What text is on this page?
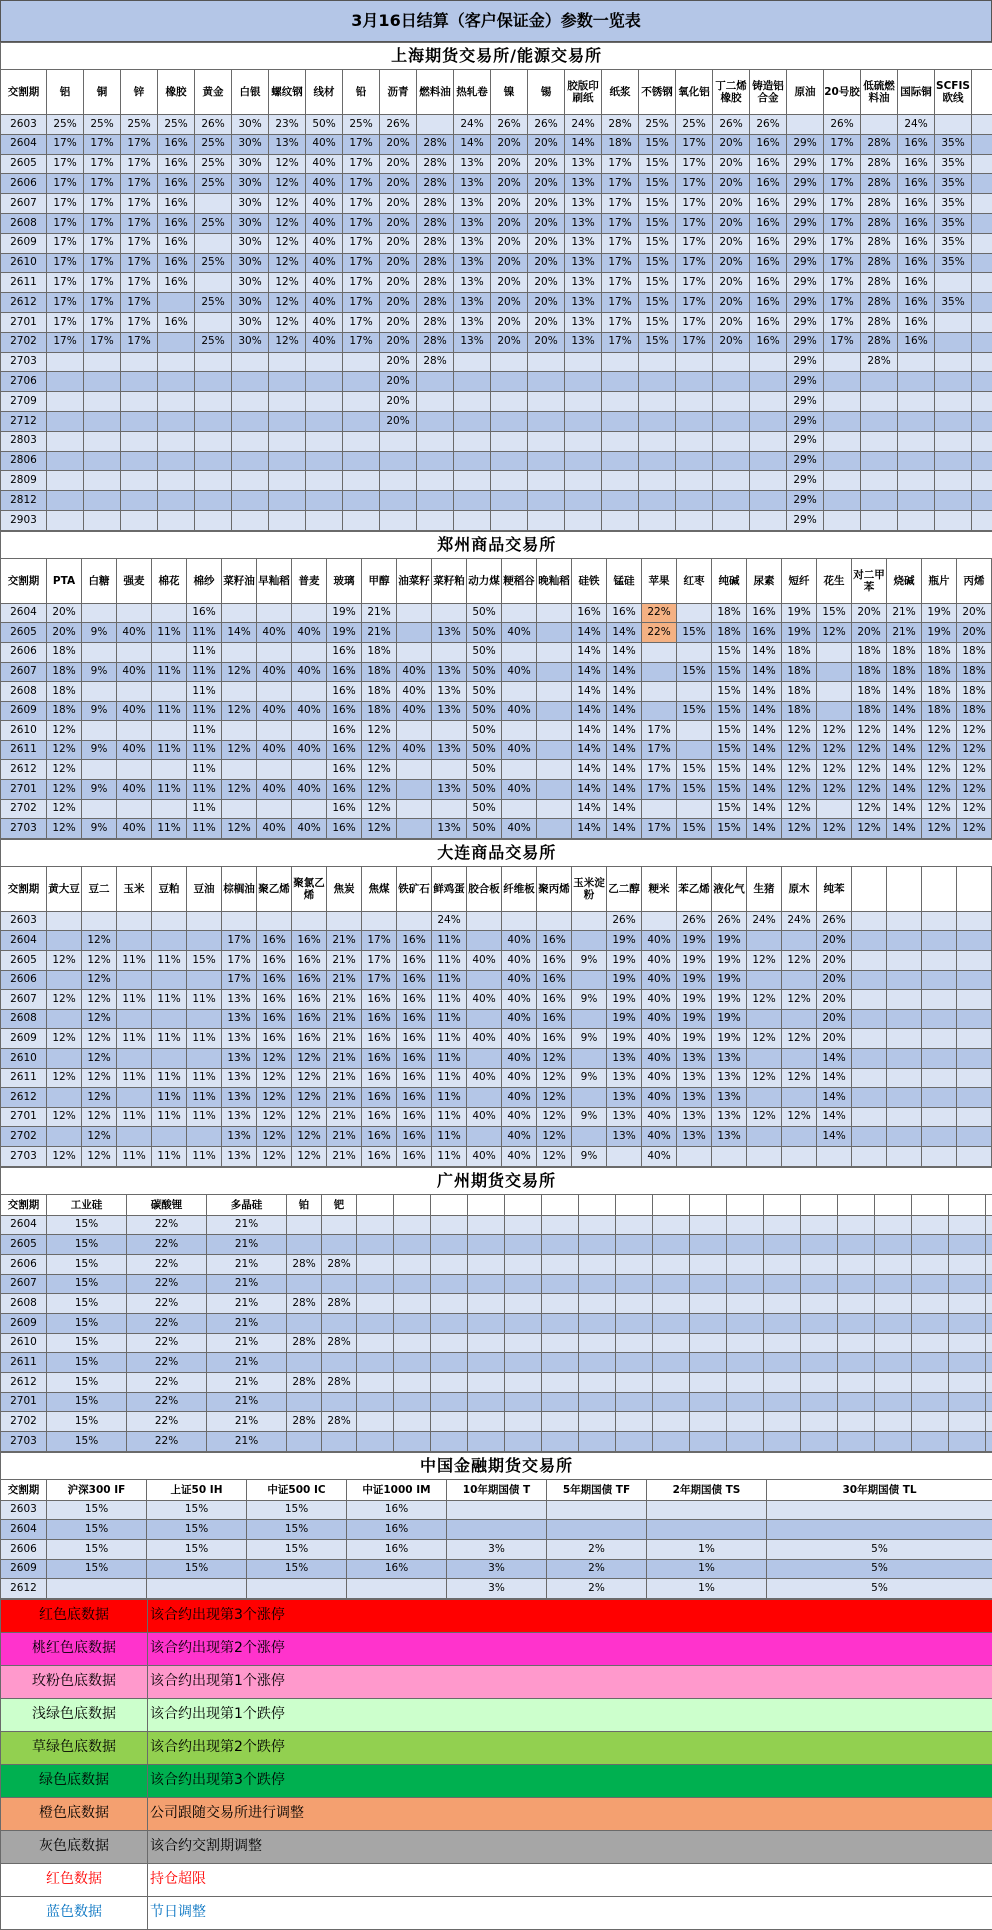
3月16日结算（客户保证金）参数一览表
上海期货交易所/能源交易所																										
交割期	铝	铜	锌	橡胶	黄金	白银	螺纹钢	线材	铅	沥青	燃料油	热轧卷	镍	锡	胶版印刷纸	纸浆	不锈钢	氧化铝	丁二烯橡胶	铸造铝合金	原油	20号胶	低硫燃料油	国际铜	SCFIS欧线	
2603	25%	25%	25%	25%	26%	30%	23%	50%	25%	26%		24%	26%	26%	24%	28%	25%	25%	26%	26%		26%		24%		
2604	17%	17%	17%	16%	25%	30%	13%	40%	17%	20%	28%	14%	20%	20%	14%	18%	15%	17%	20%	16%	29%	17%	28%	16%	35%	
2605	17%	17%	17%	16%	25%	30%	12%	40%	17%	20%	28%	13%	20%	20%	13%	17%	15%	17%	20%	16%	29%	17%	28%	16%	35%	
2606	17%	17%	17%	16%	25%	30%	12%	40%	17%	20%	28%	13%	20%	20%	13%	17%	15%	17%	20%	16%	29%	17%	28%	16%	35%	
2607	17%	17%	17%	16%		30%	12%	40%	17%	20%	28%	13%	20%	20%	13%	17%	15%	17%	20%	16%	29%	17%	28%	16%	35%	
2608	17%	17%	17%	16%	25%	30%	12%	40%	17%	20%	28%	13%	20%	20%	13%	17%	15%	17%	20%	16%	29%	17%	28%	16%	35%	
2609	17%	17%	17%	16%		30%	12%	40%	17%	20%	28%	13%	20%	20%	13%	17%	15%	17%	20%	16%	29%	17%	28%	16%	35%	
2610	17%	17%	17%	16%	25%	30%	12%	40%	17%	20%	28%	13%	20%	20%	13%	17%	15%	17%	20%	16%	29%	17%	28%	16%	35%	
2611	17%	17%	17%	16%		30%	12%	40%	17%	20%	28%	13%	20%	20%	13%	17%	15%	17%	20%	16%	29%	17%	28%	16%		
2612	17%	17%	17%		25%	30%	12%	40%	17%	20%	28%	13%	20%	20%	13%	17%	15%	17%	20%	16%	29%	17%	28%	16%	35%	
2701	17%	17%	17%	16%		30%	12%	40%	17%	20%	28%	13%	20%	20%	13%	17%	15%	17%	20%	16%	29%	17%	28%	16%		
2702	17%	17%	17%		25%	30%	12%	40%	17%	20%	28%	13%	20%	20%	13%	17%	15%	17%	20%	16%	29%	17%	28%	16%		
2703										20%	28%										29%		28%			
2706										20%											29%					
2709										20%											29%					
2712										20%											29%					
2803																					29%					
2806																					29%					
2809																					29%					
2812																					29%					
2903																					29%					
郑州商品交易所																												
交割期	PTA	白糖	强麦	棉花	棉纱	菜籽油	早籼稻	普麦	玻璃	甲醇	油菜籽	菜籽粕	动力煤	粳稻谷	晚籼稻	硅铁	锰硅	苹果	红枣	纯碱	尿素	短纤	花生	对二甲苯	烧碱	瓶片	丙烯	
2604	20%				16%				19%	21%			50%			16%	16%	22%		18%	16%	19%	15%	20%	21%	19%	20%	
2605	20%	9%	40%	11%	11%	14%	40%	40%	19%	21%		13%	50%	40%		14%	14%	22%	15%	18%	16%	19%	12%	20%	21%	19%	20%	
2606	18%				11%				16%	18%			50%			14%	14%			15%	14%	18%		18%	18%	18%	18%	
2607	18%	9%	40%	11%	11%	12%	40%	40%	16%	18%	40%	13%	50%	40%		14%	14%		15%	15%	14%	18%		18%	18%	18%	18%	
2608	18%				11%				16%	18%	40%	13%	50%			14%	14%			15%	14%	18%		18%	14%	18%	18%	
2609	18%	9%	40%	11%	11%	12%	40%	40%	16%	18%	40%	13%	50%	40%		14%	14%		15%	15%	14%	18%		18%	14%	18%	18%	
2610	12%				11%				16%	12%			50%			14%	14%	17%		15%	14%	12%	12%	12%	14%	12%	12%	
2611	12%	9%	40%	11%	11%	12%	40%	40%	16%	12%	40%	13%	50%	40%		14%	14%	17%		15%	14%	12%	12%	12%	14%	12%	12%	
2612	12%				11%				16%	12%			50%			14%	14%	17%	15%	15%	14%	12%	12%	12%	14%	12%	12%	
2701	12%	9%	40%	11%	11%	12%	40%	40%	16%	12%		13%	50%	40%		14%	14%	17%	15%	15%	14%	12%	12%	12%	14%	12%	12%	
2702	12%				11%				16%	12%			50%			14%	14%			15%	14%	12%		12%	14%	12%	12%	
2703	12%	9%	40%	11%	11%	12%	40%	40%	16%	12%		13%	50%	40%		14%	14%	17%	15%	15%	14%	12%	12%	12%	14%	12%	12%	
大连商品交易所																												
交割期	黄大豆	豆二	玉米	豆粕	豆油	棕榈油	聚乙烯	聚氯乙烯	焦炭	焦煤	铁矿石	鲜鸡蛋	胶合板	纤维板	聚丙烯	玉米淀粉	乙二醇	粳米	苯乙烯	液化气	生猪	原木	纯苯					
2603												24%					26%		26%	26%	24%	24%	26%					
2604		12%				17%	16%	16%	21%	17%	16%	11%		40%	16%		19%	40%	19%	19%			20%					
2605	12%	12%	11%	11%	15%	17%	16%	16%	21%	17%	16%	11%	40%	40%	16%	9%	19%	40%	19%	19%	12%	12%	20%					
2606		12%				17%	16%	16%	21%	17%	16%	11%		40%	16%		19%	40%	19%	19%			20%					
2607	12%	12%	11%	11%	11%	13%	16%	16%	21%	16%	16%	11%	40%	40%	16%	9%	19%	40%	19%	19%	12%	12%	20%					
2608		12%				13%	16%	16%	21%	16%	16%	11%		40%	16%		19%	40%	19%	19%			20%					
2609	12%	12%	11%	11%	11%	13%	16%	16%	21%	16%	16%	11%	40%	40%	16%	9%	19%	40%	19%	19%	12%	12%	20%					
2610		12%				13%	12%	12%	21%	16%	16%	11%		40%	12%		13%	40%	13%	13%			14%					
2611	12%	12%	11%	11%	11%	13%	12%	12%	21%	16%	16%	11%	40%	40%	12%	9%	13%	40%	13%	13%	12%	12%	14%					
2612		12%		11%	11%	13%	12%	12%	21%	16%	16%	11%		40%	12%		13%	40%	13%	13%			14%					
2701	12%	12%	11%	11%	11%	13%	12%	12%	21%	16%	16%	11%	40%	40%	12%	9%	13%	40%	13%	13%	12%	12%	14%					
2702		12%				13%	12%	12%	21%	16%	16%	11%		40%	12%		13%	40%	13%	13%			14%					
2703	12%	12%	11%	11%	11%	13%	12%	12%	21%	16%	16%	11%	40%	40%	12%	9%		40%										
广州期货交易所																							
交割期	工业硅	碳酸锂	多晶硅	铂	钯																		
2604	15%	22%	21%																				
2605	15%	22%	21%																				
2606	15%	22%	21%	28%	28%																		
2607	15%	22%	21%																				
2608	15%	22%	21%	28%	28%																		
2609	15%	22%	21%																				
2610	15%	22%	21%	28%	28%																		
2611	15%	22%	21%																				
2612	15%	22%	21%	28%	28%																		
2701	15%	22%	21%																				
2702	15%	22%	21%	28%	28%																		
2703	15%	22%	21%																				
中国金融期货交易所								
交割期	沪深300 IF	上证50 IH	中证500 IC	中证1000 IM	10年期国债 T	5年期国债 TF	2年期国债 TS	30年期国债 TL
2603	15%	15%	15%	16%				
2604	15%	15%	15%	16%				
2606	15%	15%	15%	16%	3%	2%	1%	5%
2609	15%	15%	15%	16%	3%	2%	1%	5%
2612					3%	2%	1%	5%
红色底数据	该合约出现第3个涨停
桃红色底数据	该合约出现第2个涨停
玫粉色底数据	该合约出现第1个涨停
浅绿色底数据	该合约出现第1个跌停
草绿色底数据	该合约出现第2个跌停
绿色底数据	该合约出现第3个跌停
橙色底数据	公司跟随交易所进行调整
灰色底数据	该合约交割期调整
红色数据	持仓超限
蓝色数据	节日调整
